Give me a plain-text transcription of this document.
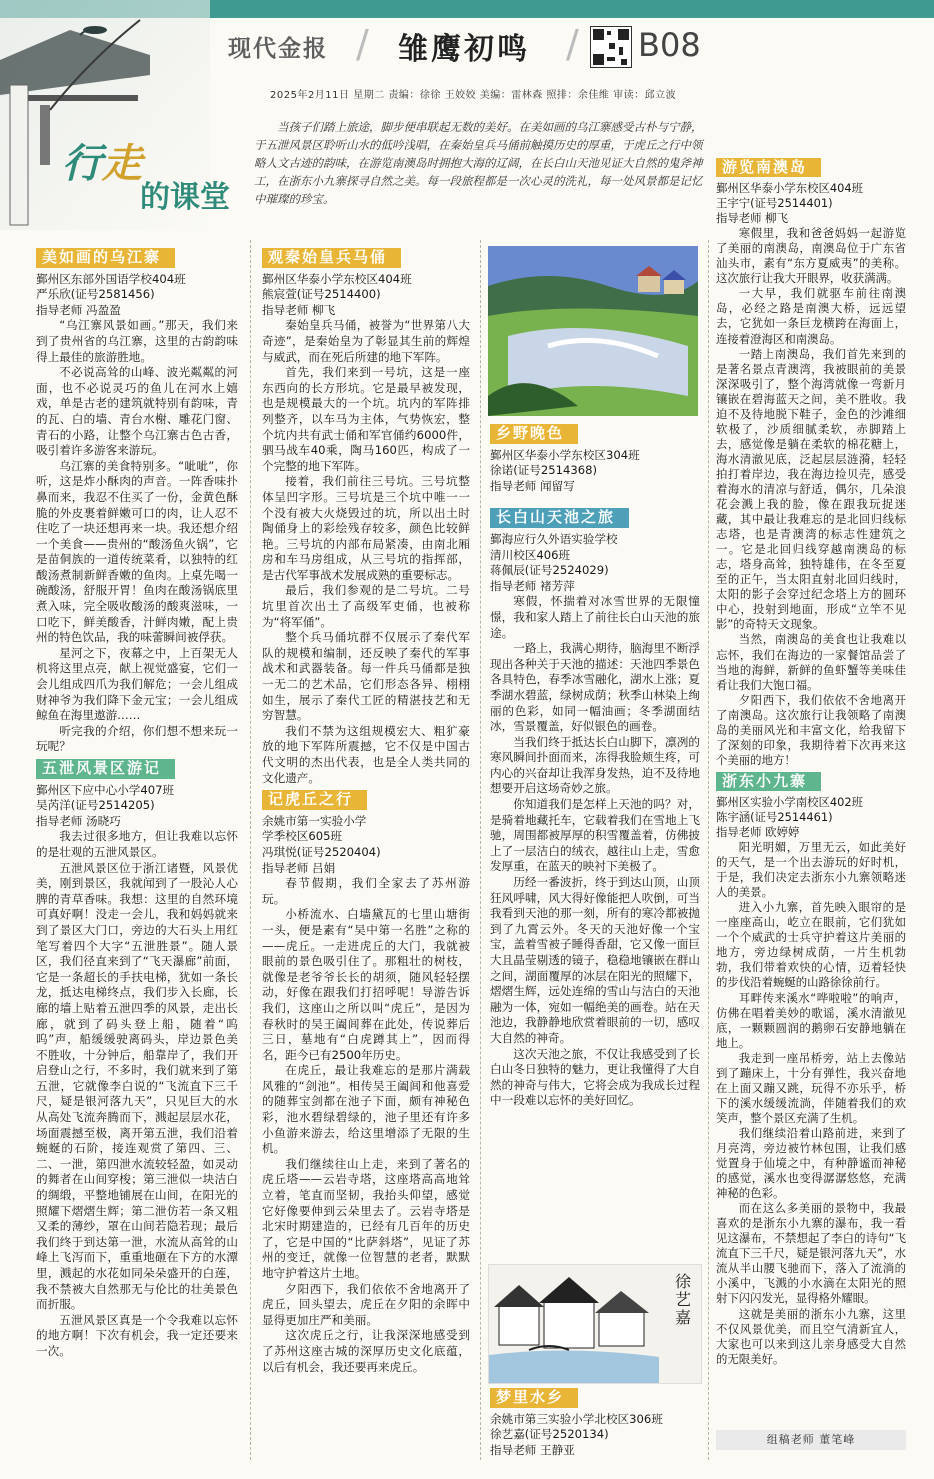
现代金报 / 雏鹰初鸣 / B08
2025年2月11日 星期二 责编：徐徐 王姣姣 美编：雷林森 照排：余佳维 审读：邱立波
行 走
的课堂
当孩子们踏上旅途，脚步便串联起无数的美好。在美如画的乌江寨感受古朴与宁静，于五泄风景区聆听山水的低吟浅唱，在秦始皇兵马俑前触摸历史的厚重，于虎丘之行中领略人文古迹的韵味，在游览南澳岛时拥抱大海的辽阔，在长白山天池见证大自然的鬼斧神工，在浙东小九寨探寻自然之美。每一段旅程都是一次心灵的洗礼，每一处风景都是记忆中璀璨的珍宝。
美如画的乌江寨

鄞州区东部外国语学校404班

严乐欣(证号2581456)

指导老师 冯盈盈

“乌江寨风景如画。”那天，我们来到了贵州省的乌江寨，这里的古韵韵味得上最佳的旅游胜地。

不必说高耸的山峰、波光粼粼的河面，也不必说灵巧的鱼儿在河水上嬉戏，单是古老的建筑就特别有韵味，青的瓦、白的墙、青台水榭、雕花门窗、青石的小路，让整个乌江寨古色古香，吸引着许多游客来游玩。

乌江寨的美食特别多。“呲呲”，你听，这是炸小酥肉的声音。一阵香味扑鼻而来，我忍不住买了一份，金黄色酥脆的外皮裹着鲜嫩可口的肉，让人忍不住吃了一块还想再来一块。我还想介绍一个美食——贵州的“酸汤鱼火锅”，它是苗侗族的一道传统菜肴，以独特的红酸汤煮制新鲜香嫩的鱼肉。上桌先喝一碗酸汤，舒服开胃！鱼肉在酸汤锅底里煮入味，完全吸收酸汤的酸爽滋味，一口吃下，鲜美酸香，汁鲜肉嫩，配上贵州的特色饮品，我的味蕾瞬间被俘获。

星河之下，夜幕之中，上百架无人机将这里点亮，献上视觉盛宴，它们一会儿组成四爪为我们解危；一会儿组成财神爷为我们降下金元宝；一会儿组成鲸鱼在海里遨游……

听完我的介绍，你们想不想来玩一玩呢？

五泄风景区游记

鄞州区下应中心小学407班

吴芮洋(证号2514205)

指导老师 汤晓巧

我去过很多地方，但让我难以忘怀的是壮观的五泄风景区。

五泄风景区位于浙江诸暨，风景优美，刚到景区，我就闻到了一股沁人心脾的青草香味。我想：这里的自然环境可真好啊！没走一会儿，我和妈妈就来到了景区大门口，旁边的大石头上用红笔写着四个大字“五泄胜景”。随人景区，我们径直来到了“飞天瀑廊”前面，它是一条超长的手扶电梯，犹如一条长龙，抵达电梯终点，我们步入长廊，长廊的墙上贴着五泄四季的风景，走出长廊，就到了码头登上船，随着“呜呜”声，船缓缓驶离码头，岸边景色美不胜收，十分钟后，船靠岸了，我们开启登山之行，不多时，我们就来到了第五泄，它就像李白说的“飞流直下三千尺，疑是银河落九天”，只见巨大的水从高处飞流奔腾而下，溅起层层水花，场面震撼至极，离开第五泄，我们沿着蜿蜒的石阶，接连观赏了第四、三、二、一泄，第四泄水流较轻盈，如灵动的舞者在山间穿梭；第三泄似一块洁白的绸缎，平整地铺展在山间，在阳光的照耀下熠熠生辉；第二泄仿若一条又粗又柔的薄纱，罩在山间若隐若现；最后我们终于到达第一泄，水流从高耸的山峰上飞泻而下，重重地砸在下方的水潭里，溅起的水花如同朵朵盛开的白莲，我不禁被大自然那无与伦比的壮美景色而折服。

五泄风景区真是一个令我难以忘怀的地方啊！下次有机会，我一定还要来一次。

观秦始皇兵马俑

鄞州区华泰小学东校区404班

熊宸萱(证号2514400)

指导老师 柳飞

秦始皇兵马俑，被誉为“世界第八大奇迹”，是秦始皇为了彰显其生前的辉煌与威武，而在死后所建的地下军阵。

首先，我们来到一号坑，这是一座东西向的长方形坑。它是最早被发现，也是规模最大的一个坑。坑内的军阵排列整齐，以车马为主体，气势恢宏，整个坑内共有武士俑和军官俑约6000件，驷马战车40乘，陶马160匹，构成了一个完整的地下军阵。

接着，我们前往三号坑。三号坑整体呈凹字形。三号坑是三个坑中唯一一个没有被大火烧毁过的坑，所以出土时陶俑身上的彩绘残存较多，颜色比较鲜艳。三号坑的内部布局紧凑，由南北厢房和车马房组成，从三号坑的指挥部，是古代军事战术发展成熟的重要标志。

最后，我们参观的是二号坑。二号坑里首次出土了高级军吏俑，也被称为“将军俑”。

整个兵马俑坑群不仅展示了秦代军队的规模和编制，还反映了秦代的军事战术和武器装备。每一件兵马俑都是独一无二的艺术品，它们形态各异、栩栩如生，展示了秦代工匠的精湛技艺和无穷智慧。

我们不禁为这组规模宏大、粗犷豪放的地下军阵所震撼，它不仅是中国古代文明的杰出代表，也是全人类共同的文化遗产。

记虎丘之行

余姚市第一实验小学

学季校区605班

冯琪悦(证号2520404)

指导老师 吕娟

春节假期，我们全家去了苏州游玩。

小桥流水、白墙黛瓦的七里山塘街一头，便是素有“吴中第一名胜”之称的——虎丘。一走进虎丘的大门，我就被眼前的景色吸引住了。那粗壮的树枝，就像是老爷爷长长的胡须，随风轻轻摆动，好像在跟我们打招呼呢！导游告诉我们，这座山之所以叫“虎丘”，是因为春秋时的吴王阖闾葬在此处，传说葬后三日，墓地有“白虎蹲其上”，因而得名，距今已有2500年历史。

在虎丘，最让我难忘的是那片满载风雅的“剑池”。相传吴王阖闾和他喜爱的随葬宝剑都在池子下面，颇有神秘色彩，池水碧绿碧绿的，池子里还有许多小鱼游来游去，给这里增添了无限的生机。

我们继续往山上走，来到了著名的虎丘塔——云岩寺塔，这座塔高高地耸立着，笔直而坚韧，我抬头仰望，感觉它好像要伸到云朵里去了。云岩寺塔是北宋时期建造的，已经有几百年的历史了，它是中国的“比萨斜塔”，见证了苏州的变迁，就像一位智慧的老者，默默地守护着这片土地。

夕阳西下，我们依依不舍地离开了虎丘，回头望去，虎丘在夕阳的余晖中显得更加庄严和美丽。

这次虎丘之行，让我深深地感受到了苏州这座古城的深厚历史文化底蕴，以后有机会，我还要再来虎丘。

乡野晚色

鄞州区华泰小学东校区304班

徐诺(证号2514368)

指导老师 闻留写

长白山天池之旅

鄞海应行久外语实验学校

清川校区406班

蒋佩辰(证号2524029)

指导老师 褚芳萍

寒假，怀揣着对冰雪世界的无限憧憬，我和家人踏上了前往长白山天池的旅途。

一路上，我满心期待，脑海里不断浮现出各种关于天池的描述：天池四季景色各具特色，春季冰雪融化，湖水上涨；夏季湖水碧蓝，绿树成荫；秋季山林染上绚丽的色彩，如同一幅油画；冬季湖面结冰，雪景覆盖，好似银色的画卷。

当我们终于抵达长白山脚下，凛冽的寒风瞬间扑面而来，冻得我脸颊生疼，可内心的兴奋却让我浑身发热，迫不及待地想要开启这场奇妙之旅。

你知道我们是怎样上天池的吗？对，是骑着地藏托车，它载着我们在雪地上飞驰，周围都被厚厚的积雪覆盖着，仿佛披上了一层洁白的绒衣，越往山上走，雪愈发厚重，在蓝天的映衬下美极了。

历经一番波折，终于到达山顶，山顶狂风呼啸，风大得好像能把人吹倒，可当我看到天池的那一刻，所有的寒冷都被抛到了九霄云外。冬天的天池好像一个宝宝，盖着雪被子睡得香甜，它又像一面巨大且晶莹剔透的镜子，稳稳地镶嵌在群山之间，湖面覆厚的冰层在阳光的照耀下，熠熠生辉，远处连绵的雪山与洁白的天池融为一体，宛如一幅绝美的画卷。站在天池边，我静静地欣赏着眼前的一切，感叹大自然的神奇。

这次天池之旅，不仅让我感受到了长白山冬日独特的魅力，更让我懂得了大自然的神奇与伟大，它将会成为我成长过程中一段难以忘怀的美好回忆。

徐艺嘉
梦里水乡

余姚市第三实验小学北校区306班

徐艺嘉(证号2520134)

指导老师 王静亚

游览南澳岛

鄞州区华泰小学东校区404班

王宇宁(证号2514401)

指导老师 柳飞

寒假里，我和爸爸妈妈一起游览了美丽的南澳岛，南澳岛位于广东省汕头市，素有“东方夏威夷”的美称。这次旅行让我大开眼界，收获满满。

一大早，我们就驱车前往南澳岛，必经之路是南澳大桥，远远望去，它犹如一条巨龙横跨在海面上，连接着澄海区和南澳岛。

一踏上南澳岛，我们首先来到的是著名景点青澳湾，我被眼前的美景深深吸引了，整个海湾就像一弯新月镶嵌在碧海蓝天之间，美不胜收。我迫不及待地脱下鞋子，金色的沙滩细软极了，沙质细腻柔软，赤脚踏上去，感觉像是躺在柔软的棉花糖上，海水清澈见底，泛起层层涟漪，轻轻拍打着岸边，我在海边捡贝壳，感受着海水的清凉与舒适，偶尔，几朵浪花会溅上我的脸，像在跟我玩捉迷藏，其中最让我难忘的是北回归线标志塔，也是青澳湾的标志性建筑之一。它是北回归线穿越南澳岛的标志，塔身高耸，独特雄伟，在冬至夏至的正午，当太阳直射北回归线时，太阳的影子会穿过纪念塔上方的圆环中心，投射到地面，形成“立竿不见影”的奇特天文现象。

当然，南澳岛的美食也让我难以忘怀，我们在海边的一家餐馆品尝了当地的海鲜，新鲜的鱼虾蟹等美味佳肴让我们大饱口福。

夕阳西下，我们依依不舍地离开了南澳岛。这次旅行让我领略了南澳岛的美丽风光和丰富文化，给我留下了深刻的印象，我期待着下次再来这个美丽的地方！

浙东小九寨

鄞州区实验小学南校区402班

陈宇涵(证号2514461)

指导老师 欧婷婷

阳光明媚，万里无云，如此美好的天气，是一个出去游玩的好时机，于是，我们决定去浙东小九寨领略迷人的美景。

进入小九寨，首先映入眼帘的是一座座高山，屹立在眼前，它们犹如一个个威武的士兵守护着这片美丽的地方，旁边绿树成荫，一片生机勃勃，我们带着欢快的心情，迈着轻快的步伐沿着蜿蜒的山路徐徐前行。

耳畔传来溪水“哗啦啦”的响声，仿佛在唱着美妙的歌谣，溪水清澈见底，一颗颗圆润的鹅卵石安静地躺在地上。

我走到一座吊桥旁，站上去像站到了蹦床上，十分有弹性，我兴奋地在上面又蹦又跳，玩得不亦乐乎，桥下的溪水缓缓流淌，伴随着我们的欢笑声，整个景区充满了生机。

我们继续沿着山路前进，来到了月亮湾，旁边被竹林包围，让我们感觉置身于仙境之中，有种静谧而神秘的感觉，溪水也变得潺潺悠悠，充满神秘的色彩。

而在这么多美丽的景物中，我最喜欢的是浙东小九寨的瀑布，我一看见这瀑布，不禁想起了李白的诗句“飞流直下三千尺，疑是银河落九天”，水流从半山腰飞驰而下，落入了流淌的小溪中，飞溅的小水滴在太阳光的照射下闪闪发光，显得格外耀眼。

这就是美丽的浙东小九寨，这里不仅风景优美，而且空气清新宜人，大家也可以来到这儿亲身感受大自然的无限美好。

组稿老师 董笔峰
